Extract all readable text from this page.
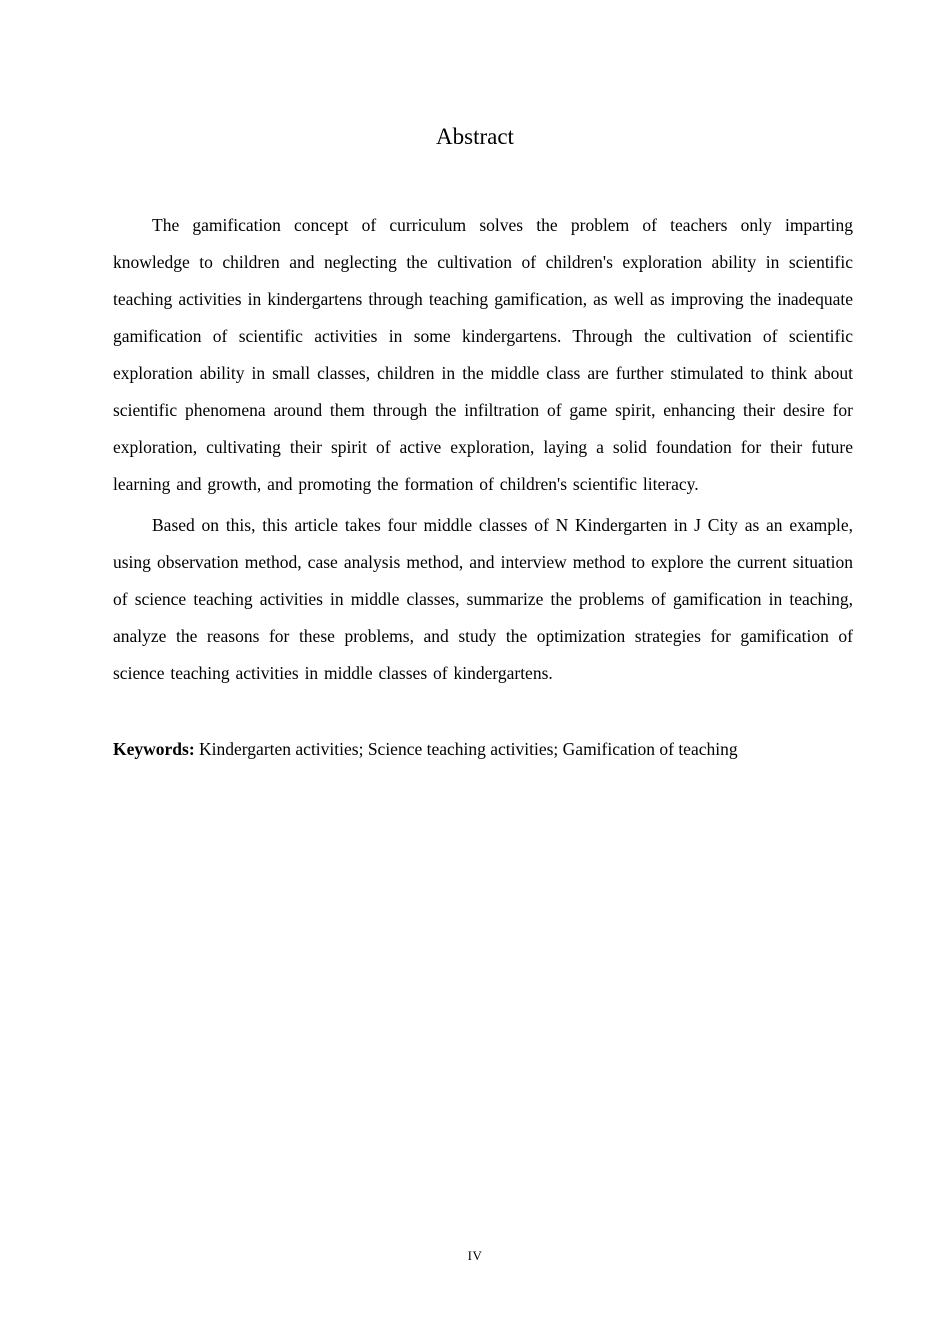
Abstract

The gamification concept of curriculum solves the problem of teachers only imparting knowledge to children and neglecting the cultivation of children's exploration ability in scientific teaching activities in kindergartens through teaching gamification, as well as improving the inadequate gamification of scientific activities in some kindergartens. Through the cultivation of scientific exploration ability in small classes, children in the middle class are further stimulated to think about scientific phenomena around them through the infiltration of game spirit, enhancing their desire for exploration, cultivating their spirit of active exploration, laying a solid foundation for their future learning and growth, and promoting the formation of children's scientific literacy.

Based on this, this article takes four middle classes of N Kindergarten in J City as an example, using observation method, case analysis method, and interview method to explore the current situation of science teaching activities in middle classes, summarize the problems of gamification in teaching, analyze the reasons for these problems, and study the optimization strategies for gamification of science teaching activities in middle classes of kindergartens.

Keywords: Kindergarten activities; Science teaching activities; Gamification of teaching

IV
